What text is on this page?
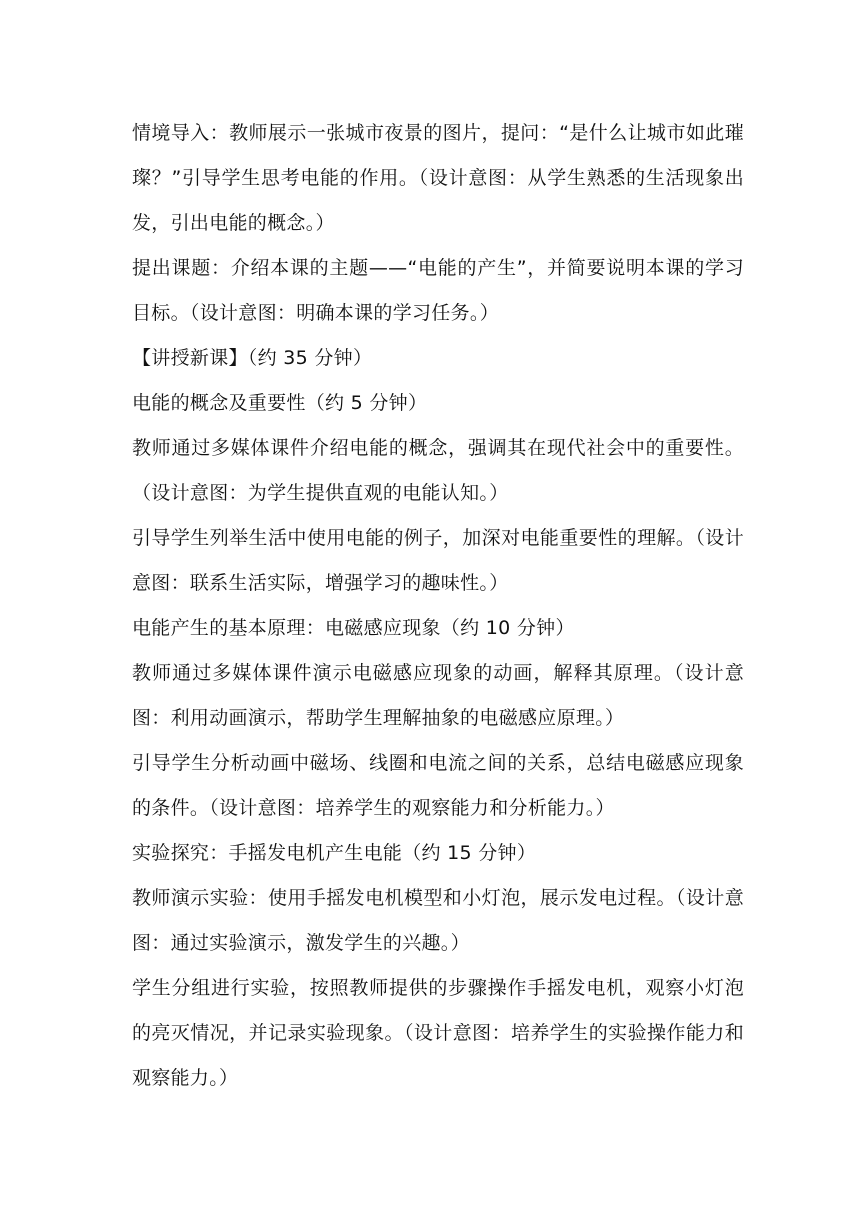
情境导入：教师展示一张城市夜景的图片，提问：“是什么让城市如此璀璨？”引导学生思考电能的作用。（设计意图：从学生熟悉的生活现象出发，引出电能的概念。）

提出课题：介绍本课的主题——“电能的产生”，并简要说明本课的学习目标。（设计意图：明确本课的学习任务。）

【讲授新课】（约 35 分钟）

电能的概念及重要性（约 5 分钟）

教师通过多媒体课件介绍电能的概念，强调其在现代社会中的重要性。（设计意图：为学生提供直观的电能认知。）

引导学生列举生活中使用电能的例子，加深对电能重要性的理解。（设计意图：联系生活实际，增强学习的趣味性。）

电能产生的基本原理：电磁感应现象（约 10 分钟）

教师通过多媒体课件演示电磁感应现象的动画，解释其原理。（设计意图：利用动画演示，帮助学生理解抽象的电磁感应原理。）

引导学生分析动画中磁场、线圈和电流之间的关系，总结电磁感应现象的条件。（设计意图：培养学生的观察能力和分析能力。）

实验探究：手摇发电机产生电能（约 15 分钟）

教师演示实验：使用手摇发电机模型和小灯泡，展示发电过程。（设计意图：通过实验演示，激发学生的兴趣。）

学生分组进行实验，按照教师提供的步骤操作手摇发电机，观察小灯泡的亮灭情况，并记录实验现象。（设计意图：培养学生的实验操作能力和观察能力。）
